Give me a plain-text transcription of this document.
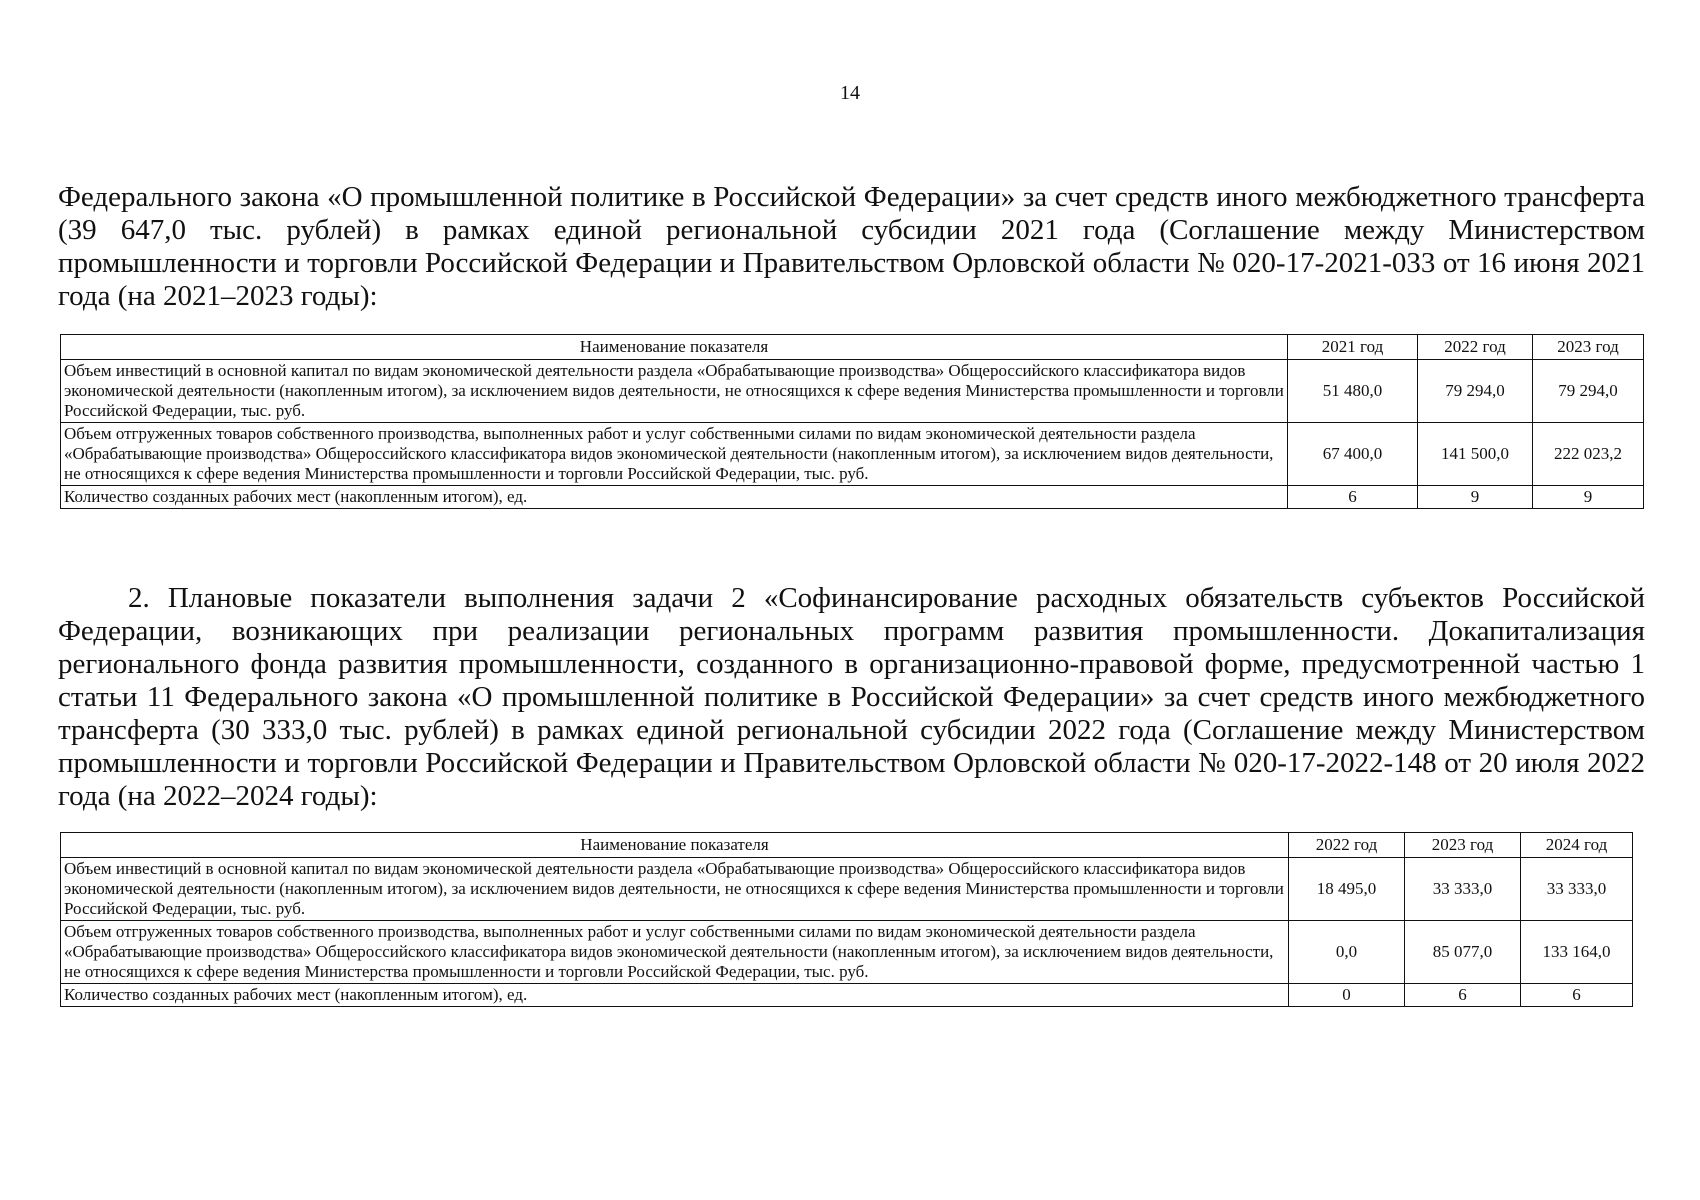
14

Федерального закона «О промышленной политике в Российской Федерации» за счет средств иного межбюджетного трансферта (39 647,0 тыс. рублей) в рамках единой региональной субсидии 2021 года (Соглашение между Министерством промышленности и торговли Российской Федерации и Правительством Орловской области № 020-17-2021-033 от 16 июня 2021 года (на 2021–2023 годы):

Наименование показателя	2021 год	2022 год	2023 год
Объем инвестиций в основной капитал по видам экономической деятельности раздела «Обрабатывающие производства» Общероссийского классификатора видов экономической деятельности (накопленным итогом), за исключением видов деятельности, не относящихся к сфере ведения Министерства промышленности и торговли Российской Федерации, тыс. руб.	51 480,0	79 294,0	79 294,0
Объем отгруженных товаров собственного производства, выполненных работ и услуг собственными силами по видам экономической деятельности раздела «Обрабатывающие производства» Общероссийского классификатора видов экономической деятельности (накопленным итогом), за исключением видов деятельности, не относящихся к сфере ведения Министерства промышленности и торговли Российской Федерации, тыс. руб.	67 400,0	141 500,0	222 023,2
Количество созданных рабочих мест (накопленным итогом), ед.	6	9	9

2. Плановые показатели выполнения задачи 2 «Софинансирование расходных обязательств субъектов Российской Федерации, возникающих при реализации региональных программ развития промышленности. Докапитализация регионального фонда развития промышленности, созданного в организационно-правовой форме, предусмотренной частью 1 статьи 11 Федерального закона «О промышленной политике в Российской Федерации» за счет средств иного межбюджетного трансферта (30 333,0 тыс. рублей) в рамках единой региональной субсидии 2022 года (Соглашение между Министерством промышленности и торговли Российской Федерации и Правительством Орловской области № 020-17-2022-148 от 20 июля 2022 года (на 2022–2024 годы):

Наименование показателя	2022 год	2023 год	2024 год
Объем инвестиций в основной капитал по видам экономической деятельности раздела «Обрабатывающие производства» Общероссийского классификатора видов экономической деятельности (накопленным итогом), за исключением видов деятельности, не относящихся к сфере ведения Министерства промышленности и торговли Российской Федерации, тыс. руб.	18 495,0	33 333,0	33 333,0
Объем отгруженных товаров собственного производства, выполненных работ и услуг собственными силами по видам экономической деятельности раздела «Обрабатывающие производства» Общероссийского классификатора видов экономической деятельности (накопленным итогом), за исключением видов деятельности, не относящихся к сфере ведения Министерства промышленности и торговли Российской Федерации, тыс. руб.	0,0	85 077,0	133 164,0
Количество созданных рабочих мест (накопленным итогом), ед.	0	6	6
